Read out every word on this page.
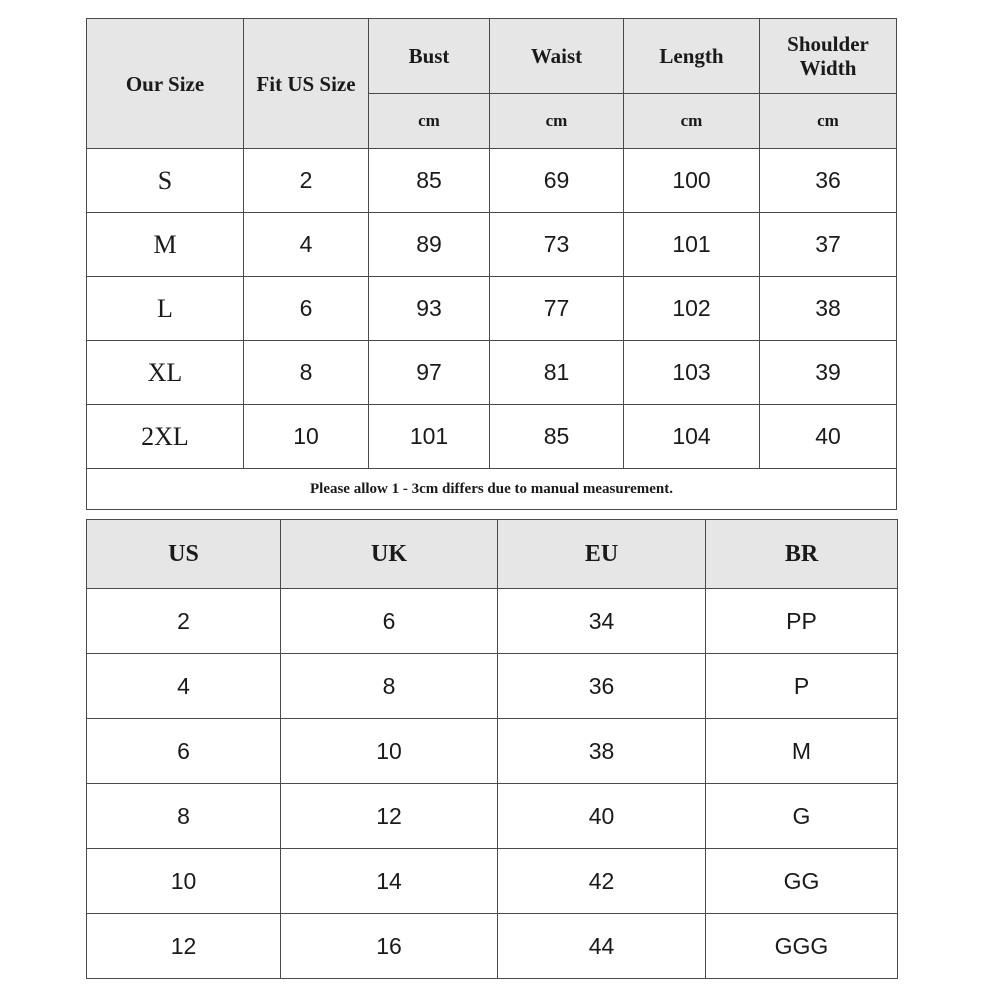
Our Size	Fit US Size	Bust	Waist	Length	Shoulder Width
		cm	cm	cm	cm
S	2	85	69	100	36
M	4	89	73	101	37
L	6	93	77	102	38
XL	8	97	81	103	39
2XL	10	101	85	104	40
Please allow 1 - 3cm differs due to manual measurement.					
US	UK	EU	BR
2	6	34	PP
4	8	36	P
6	10	38	M
8	12	40	G
10	14	42	GG
12	16	44	GGG
